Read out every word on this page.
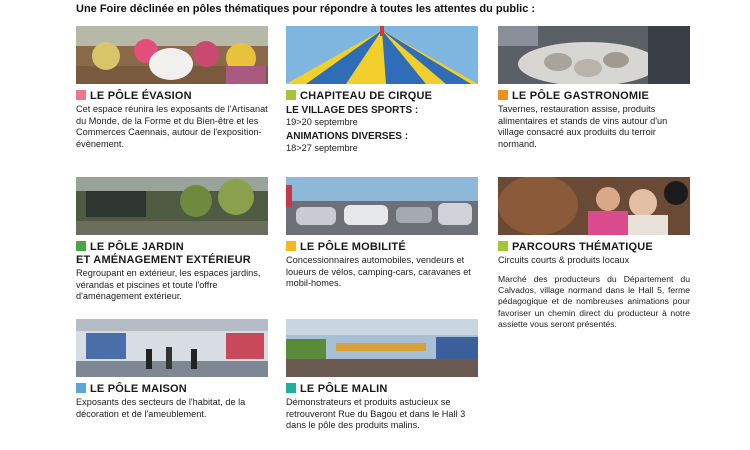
Une Foire déclinée en pôles thématiques pour répondre à toutes les attentes du public :
LE PÔLE ÉVASION
Cet espace réunira les exposants de l'Artisanat du Monde, de la Forme et du Bien-être et les Commerces Caennais, autour de l'exposition-évènement.
CHAPITEAU DE CIRQUE
LE VILLAGE DES SPORTS :
19>20 septembre
ANIMATIONS DIVERSES :
18>27 septembre
LE PÔLE GASTRONOMIE
Tavernes, restauration assise, produits alimentaires et stands de vins autour d'un village consacré aux produits du terroir normand.
LE PÔLE JARDIN
ET AMÉNAGEMENT EXTÉRIEUR
Regroupant en extérieur, les espaces jardins, vérandas et piscines et toute l'offre d'aménagement extérieur.
LE PÔLE MOBILITÉ
Concessionnaires automobiles, vendeurs et loueurs de vélos, camping-cars, caravanes et mobil-homes.
PARCOURS THÉMATIQUE
Circuits courts & produits locaux
Marché des producteurs du Département du Calvados, village normand dans le Hall 5, ferme pédagogique et de nombreuses animations pour favoriser un chemin direct du producteur à notre assiette vous seront présentés.
LE PÔLE MAISON
Exposants des secteurs de l'habitat, de la décoration et de l'ameublement.
LE PÔLE MALIN
Démonstrateurs et produits astucieux se retrouveront Rue du Bagou et dans le Hall 3 dans le pôle des produits malins.
